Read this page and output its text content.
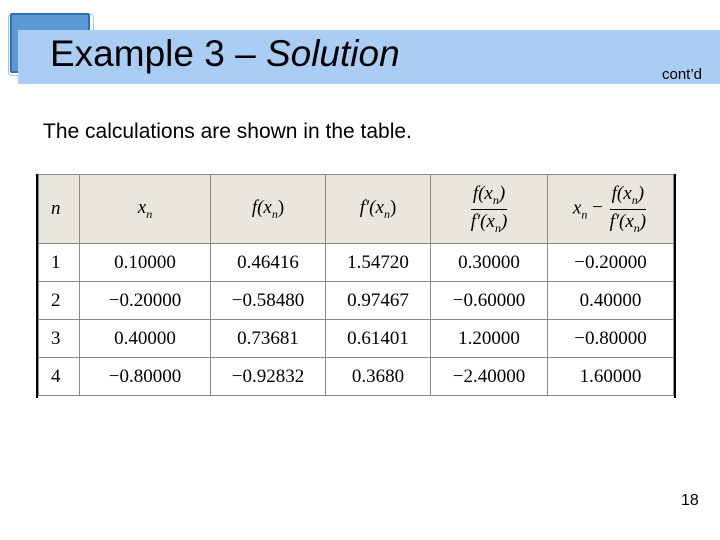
Example 3 – Solution
cont’d
The calculations are shown in the table.
n	$x_n$	$f(x_n)$	$f'(x_n)$	$\frac{f(x_n)}{f'(x_n)}$	$x_n - \frac{f(x_n)}{f'(x_n)}$

1	0.10000	0.46416	1.54720	0.30000	−0.20000
2	−0.20000	−0.58480	0.97467	−0.60000	0.40000
3	0.40000	0.73681	0.61401	1.20000	−0.80000
4	−0.80000	−0.92832	0.3680	−2.40000	1.60000
18
